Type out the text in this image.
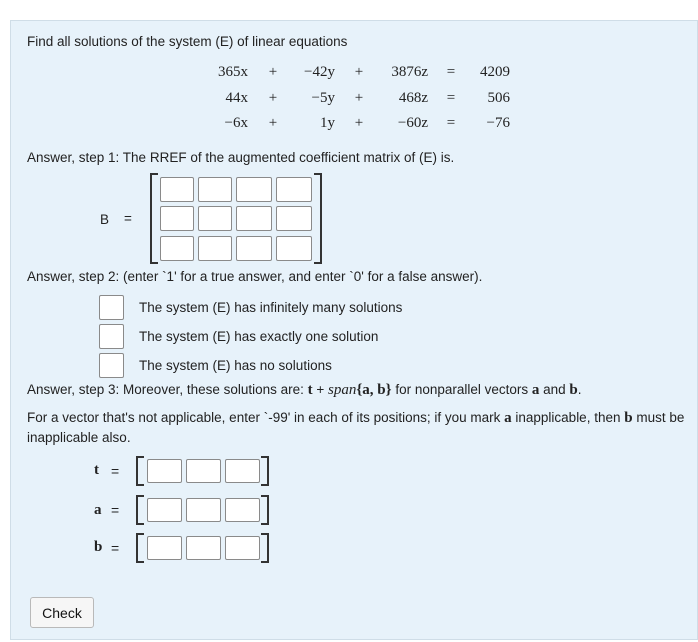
Find all solutions of the system (E) of linear equations
365x	+	−42y	+	3876z	=	4209
44x	+	−5y	+	468z	=	506
−6x	+	1y	+	−60z	=	−76
Answer, step 1: The RREF of the augmented coefficient matrix of (E) is.
B =
Answer, step 2: (enter `1' for a true answer, and enter `0' for a false answer).
The system (E) has infinitely many solutions
The system (E) has exactly one solution
The system (E) has no solutions
Answer, step 3: Moreover, these solutions are: t + span{a, b} for nonparallel vectors a and b.
For a vector that's not applicable, enter `-99' in each of its positions; if you mark a inapplicable, then b must be inapplicable also.
t =
a =
b =
Check
